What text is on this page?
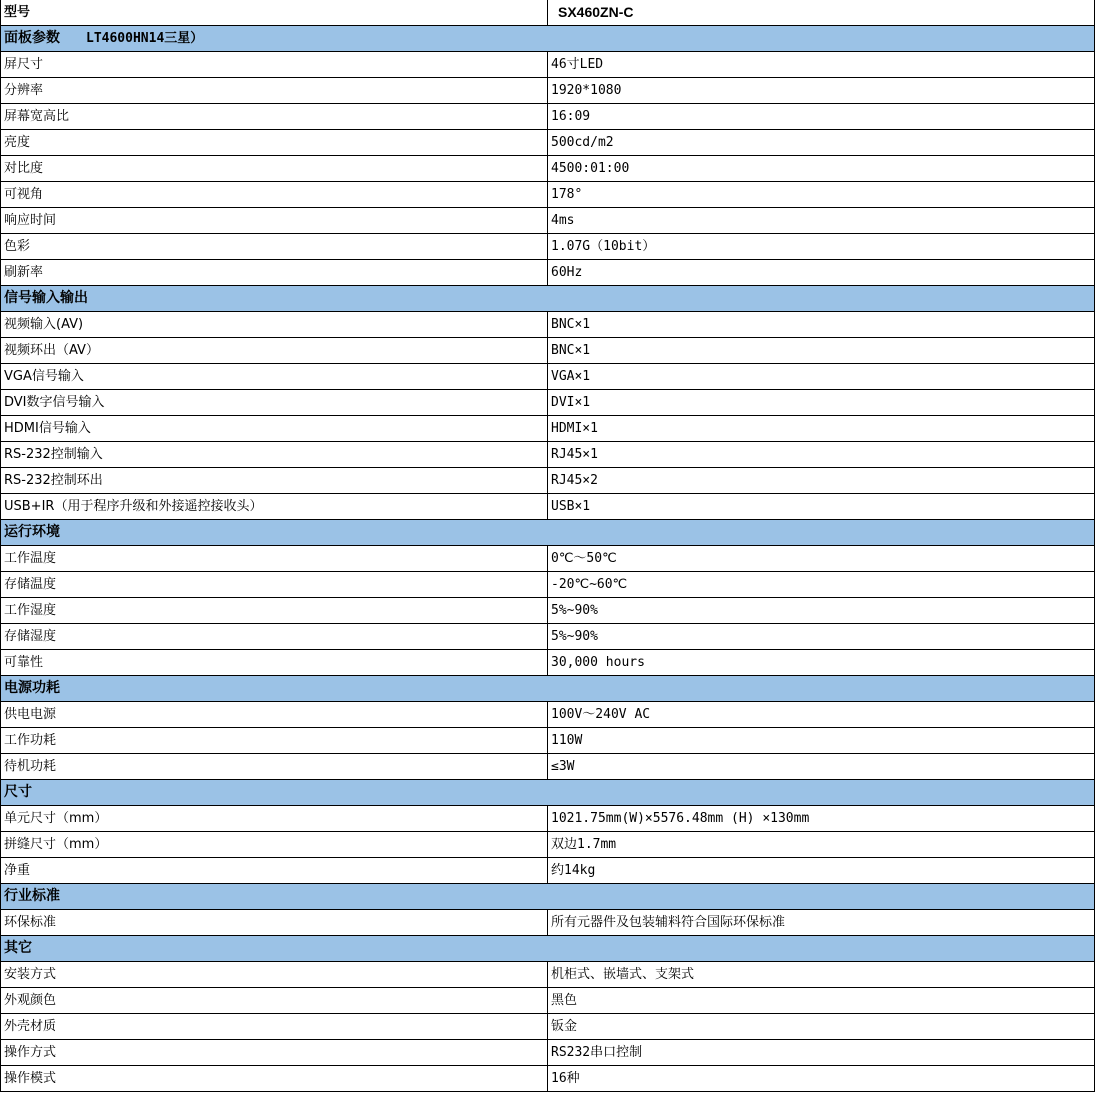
型号	SX460ZN-C
面板参数 LT4600HN14三星）	
屏尺寸	46寸LED
分辨率	1920*1080
屏幕宽高比	16:09
亮度	500cd/m2
对比度	4500:01:00
可视角	178°
响应时间	4ms
色彩	1.07G（10bit）
刷新率	60Hz
信号输入输出	
视频输入(AV)	BNC×1
视频环出（AV）	BNC×1
VGA信号输入	VGA×1
DVI数字信号输入	DVI×1
HDMI信号输入	HDMI×1
RS-232控制输入	RJ45×1
RS-232控制环出	RJ45×2
USB+IR（用于程序升级和外接遥控接收头）	USB×1
运行环境	
工作温度	0℃～50℃
存储温度	-20℃~60℃
工作湿度	5%~90%
存储湿度	5%~90%
可靠性	30,000 hours
电源功耗	
供电电源	100V～240V AC
工作功耗	110W
待机功耗	≤3W
尺寸	
单元尺寸（mm）	1021.75mm(W)×5576.48mm (H) ×130mm
拼缝尺寸（mm）	双边1.7mm
净重	约14kg
行业标准	
环保标准	所有元器件及包装辅料符合国际环保标准
其它	
安装方式	机柜式、嵌墙式、支架式
外观颜色	黑色
外壳材质	钣金
操作方式	RS232串口控制
操作模式	16种
